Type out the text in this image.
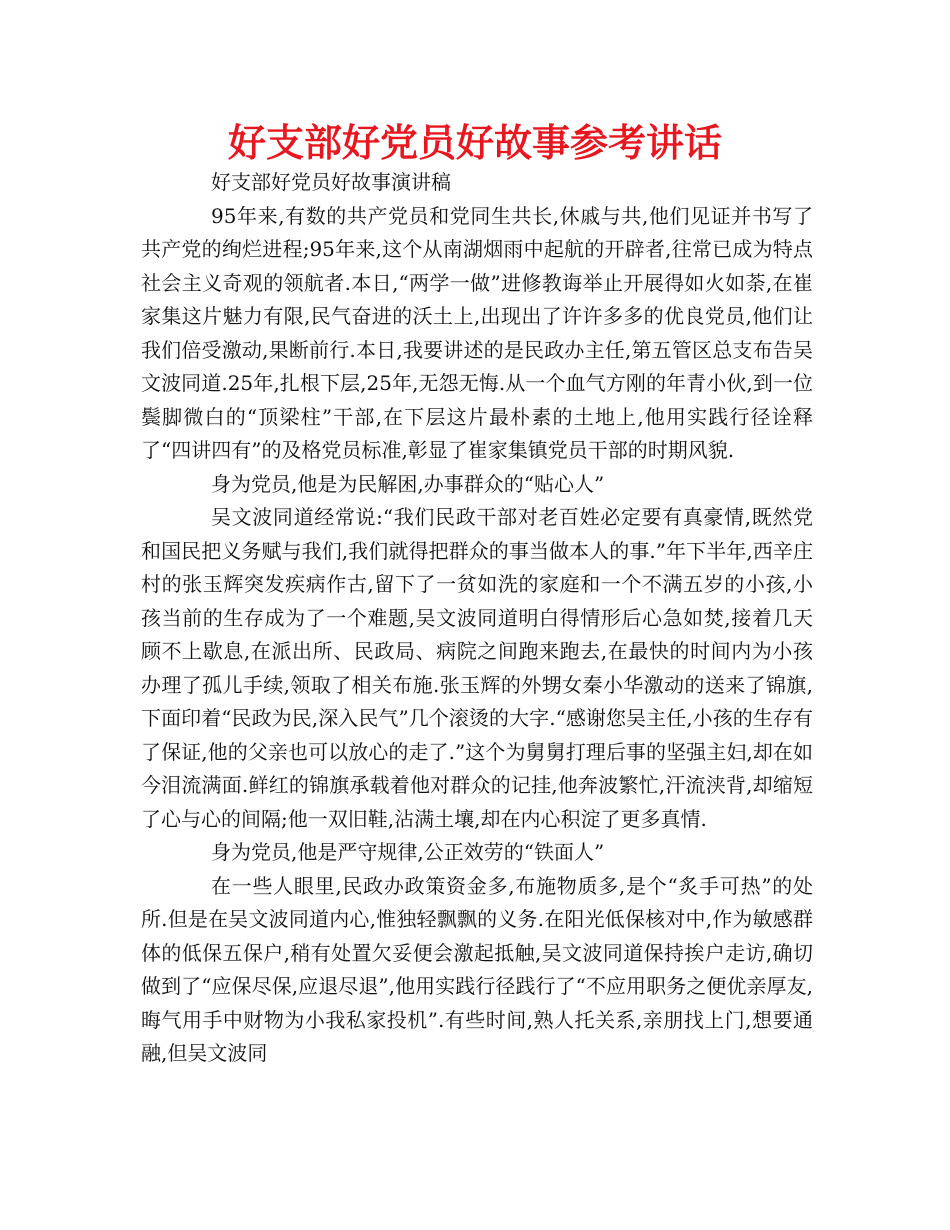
好支部好党员好故事参考讲话

好支部好党员好故事演讲稿

95年来,有数的共产党员和党同生共长,休戚与共,他们见证并书写了共产党的绚烂进程;95年来,这个从南湖烟雨中起航的开辟者,往常已成为特点社会主义奇观的领航者.本日,“两学一做”进修教诲举止开展得如火如荼,在崔家集这片魅力有限,民气奋进的沃土上,出现出了许许多多的优良党员,他们让我们倍受激动,果断前行.本日,我要讲述的是民政办主任,第五管区总支布告吴文波同道.25年,扎根下层,25年,无怨无悔.从一个血气方刚的年青小伙,到一位鬓脚微白的“顶梁柱”干部,在下层这片最朴素的土地上,他用实践行径诠释了“四讲四有”的及格党员标准,彰显了崔家集镇党员干部的时期风貌.

身为党员,他是为民解困,办事群众的“贴心人”

吴文波同道经常说:“我们民政干部对老百姓必定要有真豪情,既然党和国民把义务赋与我们,我们就得把群众的事当做本人的事.”年下半年,西辛庄村的张玉辉突发疾病作古,留下了一贫如洗的家庭和一个不满五岁的小孩,小孩当前的生存成为了一个难题,吴文波同道明白得情形后心急如焚,接着几天顾不上歇息,在派出所、民政局、病院之间跑来跑去,在最快的时间内为小孩办理了孤儿手续,领取了相关布施.张玉辉的外甥女秦小华激动的送来了锦旗,下面印着“民政为民,深入民气”几个滚烫的大字.“感谢您吴主任,小孩的生存有了保证,他的父亲也可以放心的走了.”这个为舅舅打理后事的坚强主妇,却在如今泪流满面.鲜红的锦旗承载着他对群众的记挂,他奔波繁忙,汗流浃背,却缩短了心与心的间隔;他一双旧鞋,沾满土壤,却在内心积淀了更多真情.

身为党员,他是严守规律,公正效劳的“铁面人”

在一些人眼里,民政办政策资金多,布施物质多,是个“炙手可热”的处所.但是在吴文波同道内心,惟独轻飘飘的义务.在阳光低保核对中,作为敏感群体的低保五保户,稍有处置欠妥便会激起抵触,吴文波同道保持挨户走访,确切做到了“应保尽保,应退尽退”,他用实践行径践行了“不应用职务之便优亲厚友,晦气用手中财物为小我私家投机”.有些时间,熟人托关系,亲朋找上门,想要通融,但吴文波同
